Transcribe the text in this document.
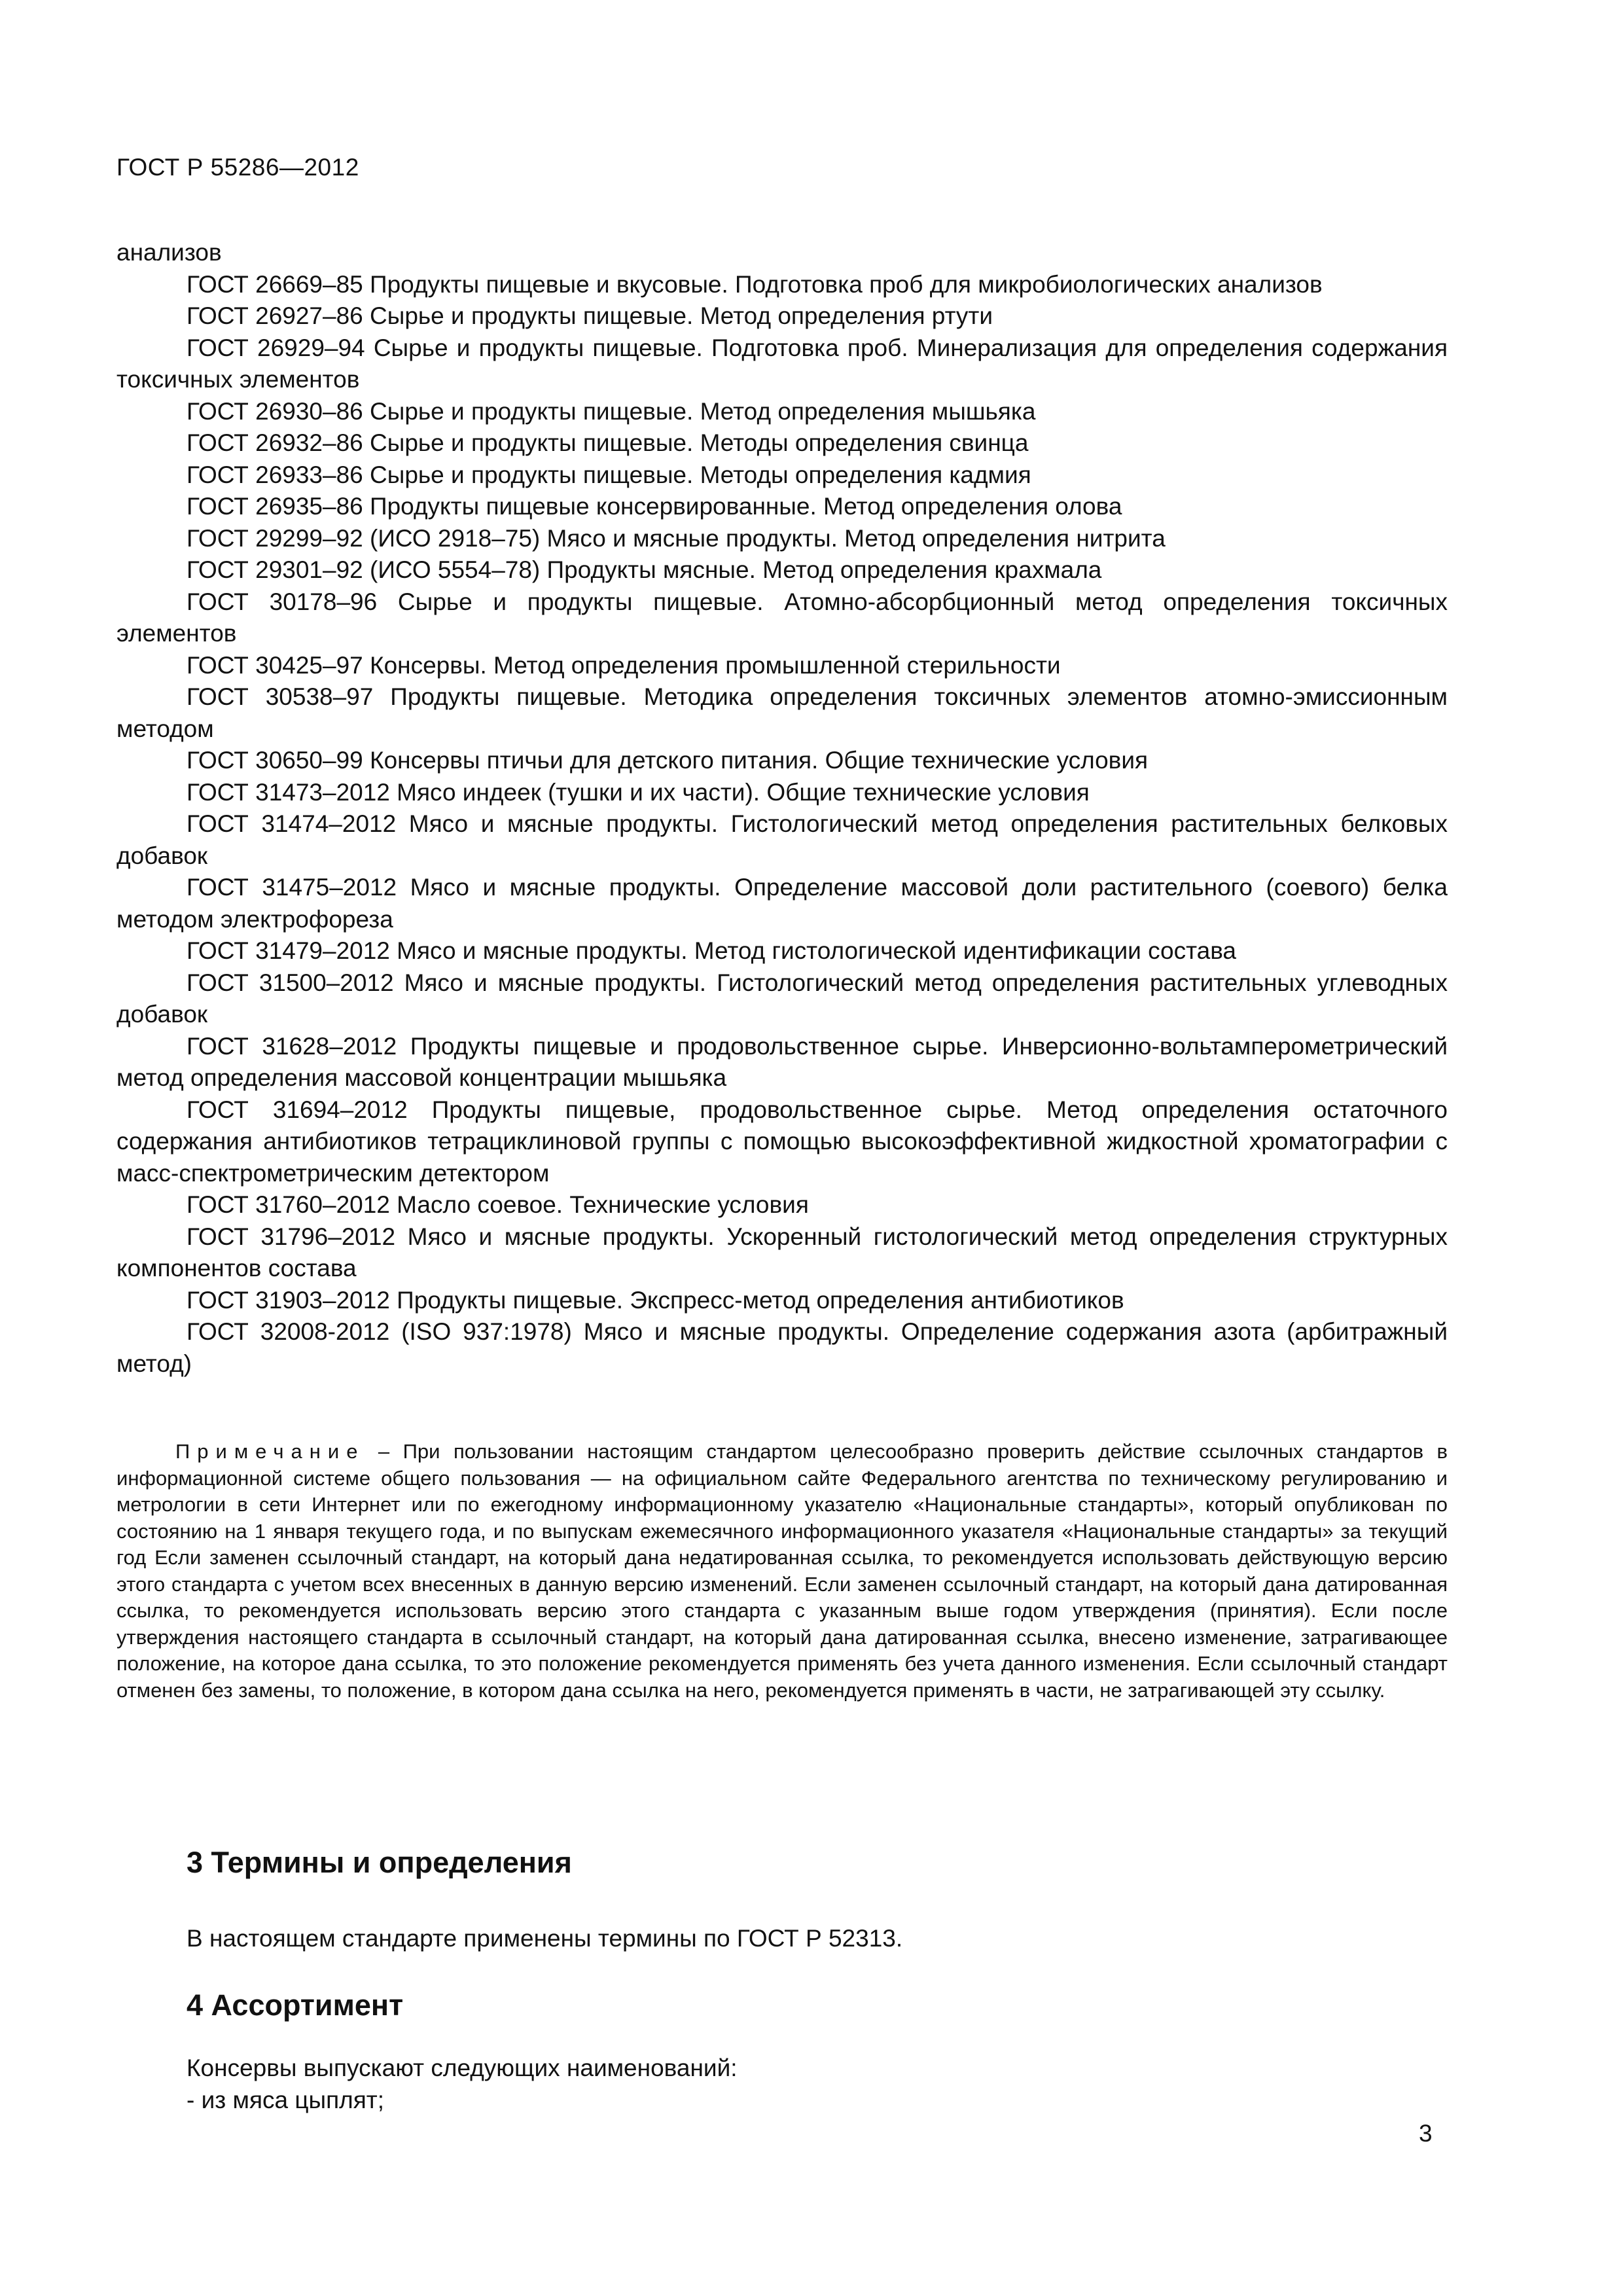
ГОСТ Р 55286—2012

анализов

ГОСТ 26669–85 Продукты пищевые и вкусовые. Подготовка проб для микробиологических анализов

ГОСТ 26927–86 Сырье и продукты пищевые. Метод определения ртути

ГОСТ 26929–94 Сырье и продукты пищевые. Подготовка проб. Минерализация для определения содержания токсичных элементов

ГОСТ 26930–86 Сырье и продукты пищевые. Метод определения мышьяка

ГОСТ 26932–86 Сырье и продукты пищевые. Методы определения свинца

ГОСТ 26933–86 Сырье и продукты пищевые. Методы определения кадмия

ГОСТ 26935–86 Продукты пищевые консервированные. Метод определения олова

ГОСТ 29299–92 (ИСО 2918–75) Мясо и мясные продукты. Метод определения нитрита

ГОСТ 29301–92 (ИСО 5554–78) Продукты мясные. Метод определения крахмала

ГОСТ 30178–96 Сырье и продукты пищевые. Атомно-абсорбционный метод определения токсичных элементов

ГОСТ 30425–97 Консервы. Метод определения промышленной стерильности

ГОСТ 30538–97 Продукты пищевые. Методика определения токсичных элементов атомно-эмиссионным методом

ГОСТ 30650–99 Консервы птичьи для детского питания. Общие технические условия

ГОСТ 31473–2012 Мясо индеек (тушки и их части). Общие технические условия

ГОСТ 31474–2012 Мясо и мясные продукты. Гистологический метод определения растительных белковых добавок

ГОСТ 31475–2012 Мясо и мясные продукты. Определение массовой доли растительного (соевого) белка методом электрофореза

ГОСТ 31479–2012 Мясо и мясные продукты. Метод гистологической идентификации состава

ГОСТ 31500–2012 Мясо и мясные продукты. Гистологический метод определения растительных углеводных добавок

ГОСТ 31628–2012 Продукты пищевые и продовольственное сырье. Инверсионно-вольтамперометрический метод определения массовой концентрации мышьяка

ГОСТ 31694–2012 Продукты пищевые, продовольственное сырье. Метод определения остаточного содержания антибиотиков тетрациклиновой группы с помощью высокоэффективной жидкостной хроматографии с масс-спектрометрическим детектором

ГОСТ 31760–2012 Масло соевое. Технические условия

ГОСТ 31796–2012 Мясо и мясные продукты. Ускоренный гистологический метод определения структурных компонентов состава

ГОСТ 31903–2012 Продукты пищевые. Экспресс-метод определения антибиотиков

ГОСТ 32008-2012 (ISO 937:1978) Мясо и мясные продукты. Определение содержания азота (арбитражный метод)

Примечание – При пользовании настоящим стандартом целесообразно проверить действие ссылочных стандартов в информационной системе общего пользования — на официальном сайте Федерального агентства по техническому регулированию и метрологии в сети Интернет или по ежегодному информационному указателю «Национальные стандарты», который опубликован по состоянию на 1 января текущего года, и по выпускам ежемесячного информационного указателя «Национальные стандарты» за текущий год Если заменен ссылочный стандарт, на который дана недатированная ссылка, то рекомендуется использовать действующую версию этого стандарта с учетом всех внесенных в данную версию изменений. Если заменен ссылочный стандарт, на который дана датированная ссылка, то рекомендуется использовать версию этого стандарта с указанным выше годом утверждения (принятия). Если после утверждения настоящего стандарта в ссылочный стандарт, на который дана датированная ссылка, внесено изменение, затрагивающее положение, на которое дана ссылка, то это положение рекомендуется применять без учета данного изменения. Если ссылочный стандарт отменен без замены, то положение, в котором дана ссылка на него, рекомендуется применять в части, не затрагивающей эту ссылку.
3 Термины и определения

В настоящем стандарте применены термины по ГОСТ Р 52313.

4 Ассортимент

Консервы выпускают следующих наименований:

- из мяса цыплят;

3
